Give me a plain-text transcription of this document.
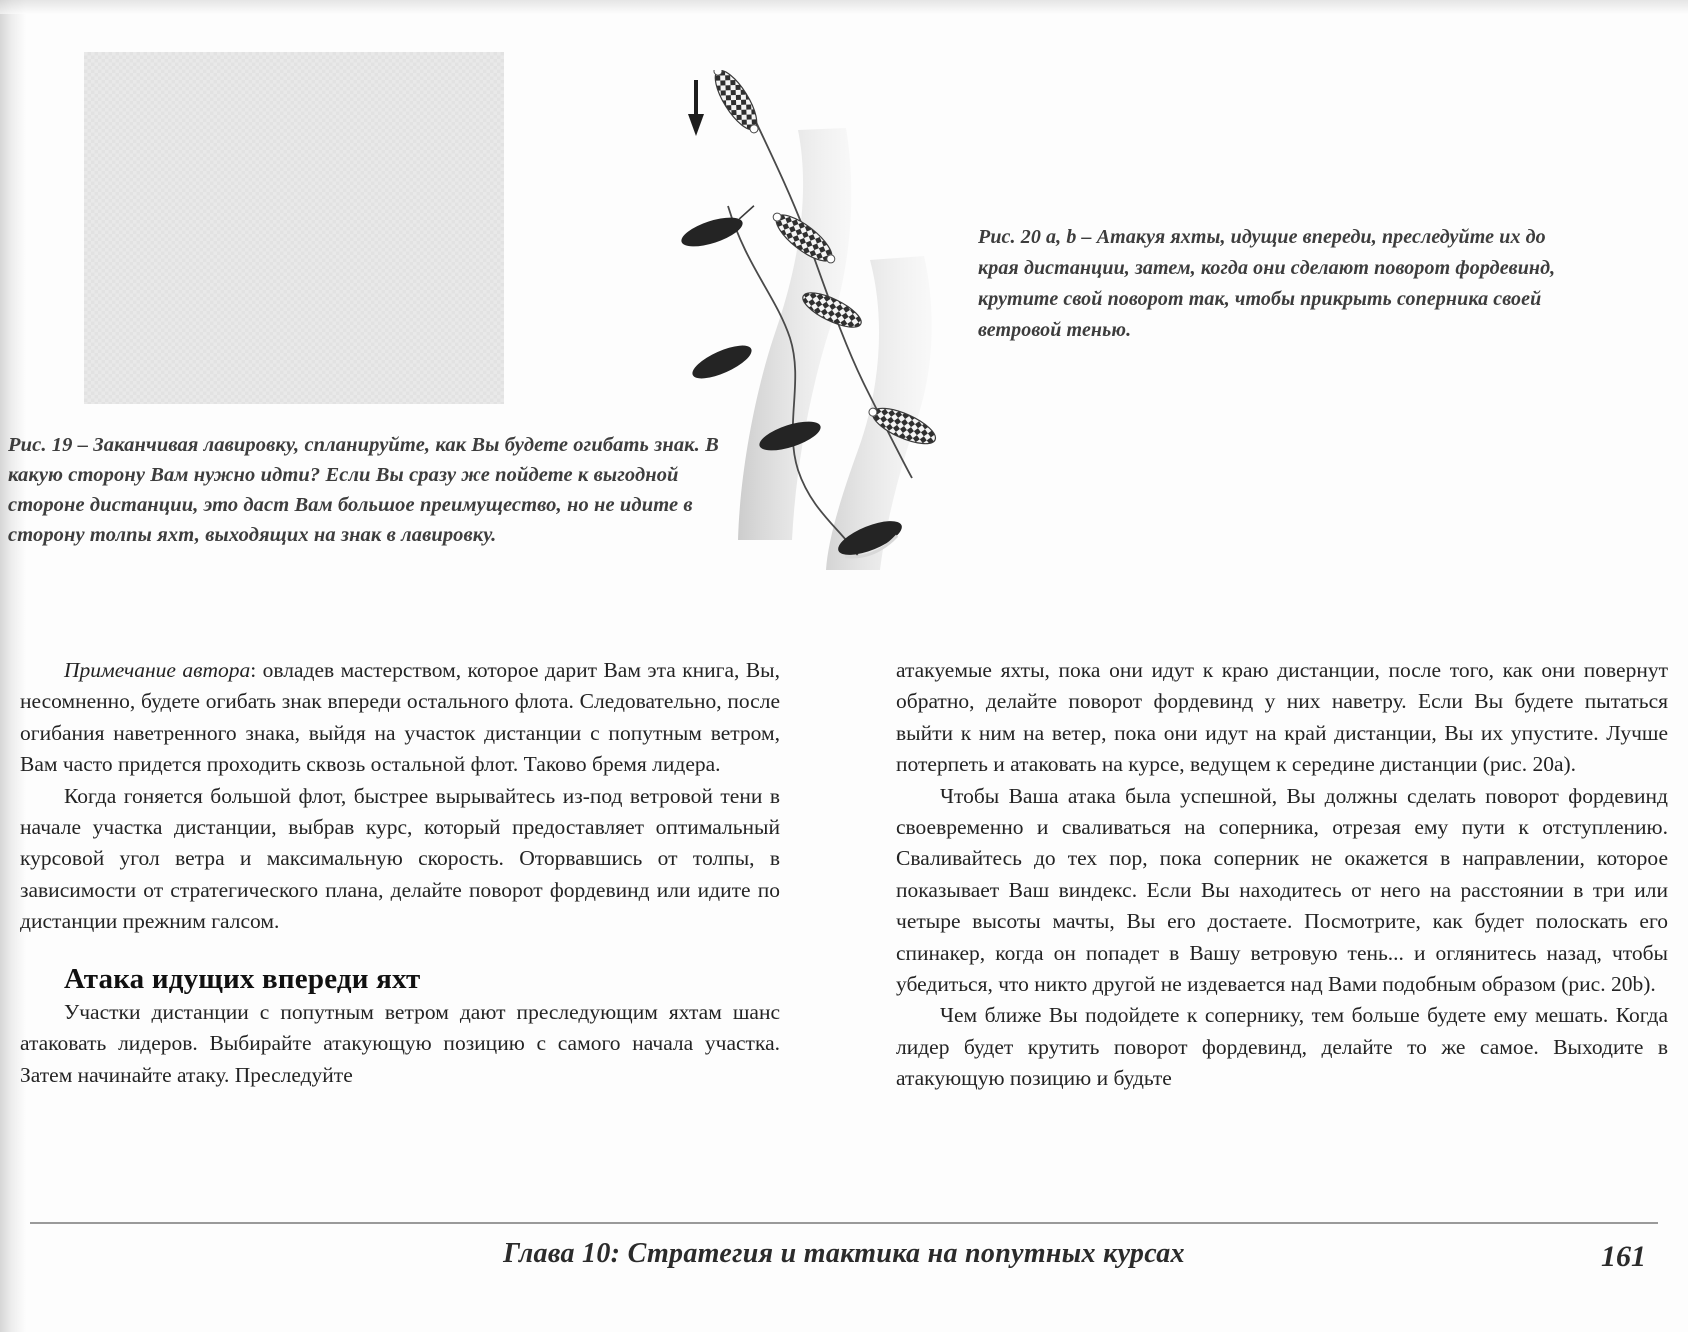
Рис. 19 – Заканчивая лавировку, спланируйте, как Вы будете огибать знак. В какую сторону Вам нужно идти? Если Вы сразу же пойдете к выгодной стороне дистанции, это даст Вам большое преимущество, но не идите в сторону толпы яхт, выходящих на знак в лавировку.
Рис. 20 a, b – Атакуя яхты, идущие впереди, преследуйте их до края дистанции, затем, когда они сделают поворот фордевинд, крутите свой поворот так, чтобы прикрыть соперника своей ветровой тенью.

Примечание автора: овладев мастерством, которое дарит Вам эта книга, Вы, несомненно, будете огибать знак впереди остального флота. Следовательно, после огибания наветренного знака, выйдя на участок дистанции с попутным ветром, Вам часто придется проходить сквозь остальной флот. Таково бремя лидера.

Когда гоняется большой флот, быстрее вырывайтесь из-под ветровой тени в начале участка дистанции, выбрав курс, который предоставляет оптимальный курсовой угол ветра и максимальную скорость. Оторвавшись от толпы, в зависимости от стратегического плана, делайте поворот фордевинд или идите по дистанции прежним галсом.

Атака идущих впереди яхт

Участки дистанции с попутным ветром дают преследующим яхтам шанс атаковать лидеров. Выбирайте атакующую позицию с самого начала участка. Затем начинайте атаку. Преследуйте

атакуемые яхты, пока они идут к краю дистанции, после того, как они повернут обратно, делайте поворот фордевинд у них наветру. Если Вы будете пытаться выйти к ним на ветер, пока они идут на край дистанции, Вы их упустите. Лучше потерпеть и атаковать на курсе, ведущем к середине дистанции (рис. 20а).

Чтобы Ваша атака была успешной, Вы должны сделать поворот фордевинд своевременно и сваливаться на соперника, отрезая ему пути к отступлению. Сваливайтесь до тех пор, пока соперник не окажется в направлении, которое показывает Ваш виндекс. Если Вы находитесь от него на расстоянии в три или четыре высоты мачты, Вы его достаете. Посмотрите, как будет полоскать его спинакер, когда он попадет в Вашу ветровую тень... и оглянитесь назад, чтобы убедиться, что никто другой не издевается над Вами подобным образом (рис. 20b).

Чем ближе Вы подойдете к сопернику, тем больше будете ему мешать. Когда лидер будет крутить поворот фордевинд, делайте то же самое. Выходите в атакующую позицию и будьте

Глава 10: Стратегия и тактика на попутных курсах	161
